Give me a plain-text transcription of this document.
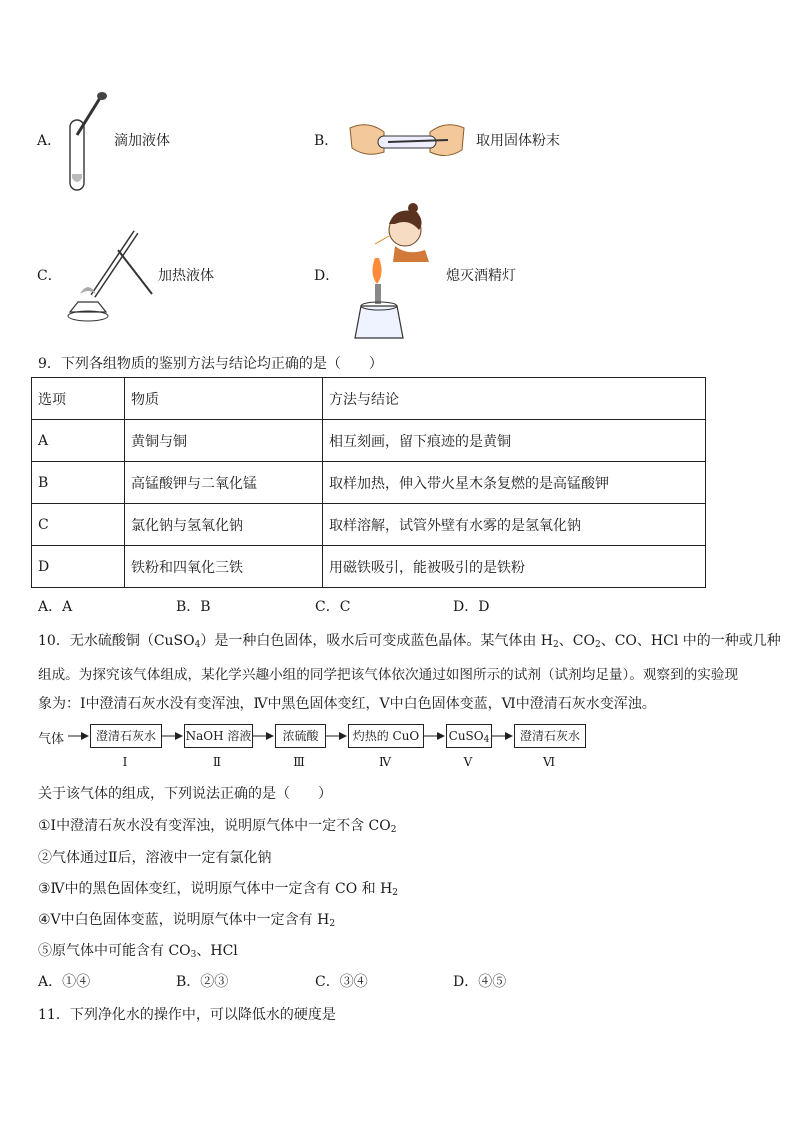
A．	滴加液体	B．	取用固体粉末
C．	加热液体	D．	熄灭酒精灯
9．下列各组物质的鉴别方法与结论均正确的是（　　）
选项	物质	方法与结论
A	黄铜与铜	相互刻画，留下痕迹的是黄铜
B	高锰酸钾与二氧化锰	取样加热，伸入带火星木条复燃的是高锰酸钾
C	氯化钠与氢氧化钠	取样溶解，试管外壁有水雾的是氢氧化钠
D	铁粉和四氧化三铁	用磁铁吸引，能被吸引的是铁粉
A．A	B．B	C．C	D．D
10．无水硫酸铜（CuSO$_4$）是一种白色固体，吸水后可变成蓝色晶体。某气体由 $H_2$、$CO_2$、CO、HCl 中的一种或几种
组成。为探究该气体组成，某化学兴趣小组的同学把该气体依次通过如图所示的试剂（试剂均足量）。观察到的实验现
象为：Ⅰ中澄清石灰水没有变浑浊，Ⅳ中黑色固体变红，Ⅴ中白色固体变蓝，Ⅵ中澄清石灰水变浑浊。
气体	澄清石灰水	NaOH 溶液	浓硫酸	灼热的 CuO	CuSO$_4$	澄清石灰水
Ⅰ	Ⅱ	Ⅲ	Ⅳ	Ⅴ	Ⅵ
关于该气体的组成，下列说法正确的是（　　）
①Ⅰ中澄清石灰水没有变浑浊，说明原气体中一定不含 $CO_2$
②气体通过Ⅱ后，溶液中一定有氯化钠
③Ⅳ中的黑色固体变红，说明原气体中一定含有 CO 和 $H_2$
④Ⅴ中白色固体变蓝，说明原气体中一定含有 $H_2$
⑤原气体中可能含有 $CO_3$、HCl
A．①④	B．②③	C．③④	D．④⑤
11．下列净化水的操作中，可以降低水的硬度是
